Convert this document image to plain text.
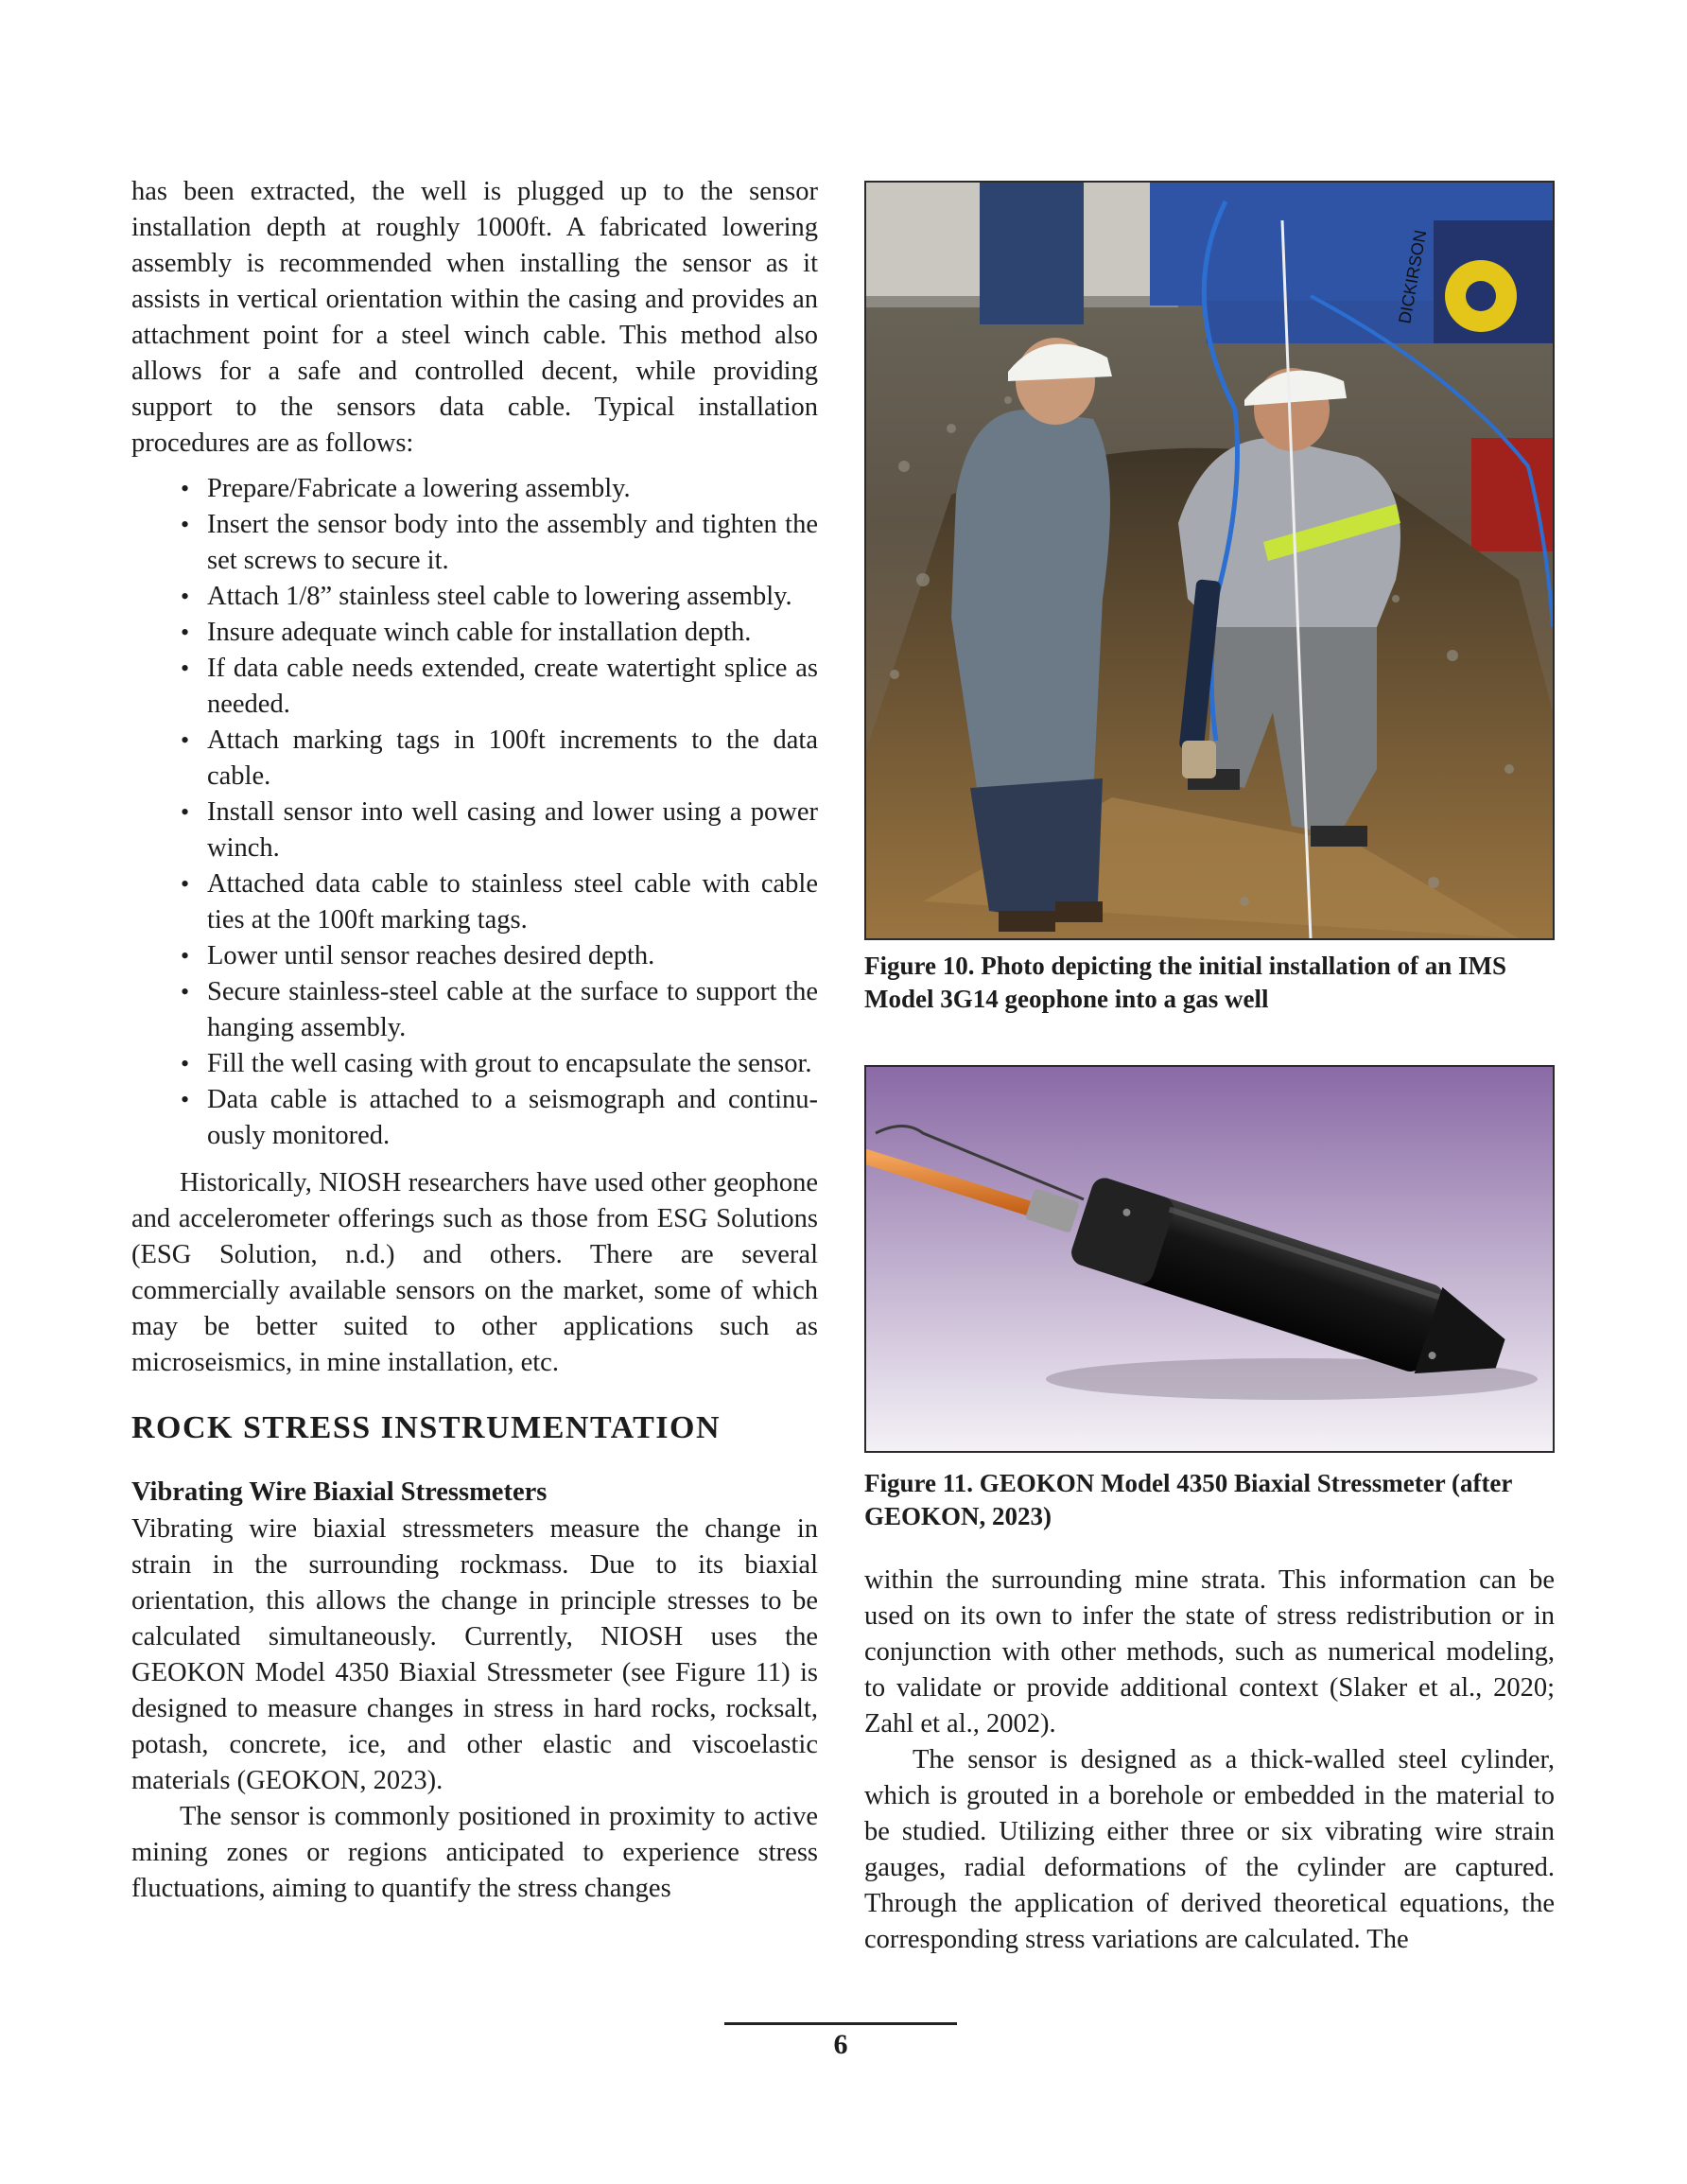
has been extracted, the well is plugged up to the sensor installation depth at roughly 1000ft. A fabricated lowering assembly is recommended when installing the sensor as it assists in vertical orientation within the casing and provides an attachment point for a steel winch cable. This method also allows for a safe and controlled decent, while providing support to the sensors data cable. Typical installation procedures are as follows:

• Prepare/Fabricate a lowering assembly.
• Insert the sensor body into the assembly and tighten the set screws to secure it.
• Attach 1/8” stainless steel cable to lowering assembly.
• Insure adequate winch cable for installation depth.
• If data cable needs extended, create watertight splice as needed.
• Attach marking tags in 100ft increments to the data cable.
• Install sensor into well casing and lower using a power winch.
• Attached data cable to stainless steel cable with cable ties at the 100ft marking tags.
• Lower until sensor reaches desired depth.
• Secure stainless-steel cable at the surface to support the hanging assembly.
• Fill the well casing with grout to encapsulate the sensor.
• Data cable is attached to a seismograph and continuously monitored.

Historically, NIOSH researchers have used other geophone and accelerometer offerings such as those from ESG Solutions (ESG Solution, n.d.) and others. There are several commercially available sensors on the market, some of which may be better suited to other applications such as microseismics, in mine installation, etc.

ROCK STRESS INSTRUMENTATION
Vibrating Wire Biaxial Stressmeters

Vibrating wire biaxial stressmeters measure the change in strain in the surrounding rockmass. Due to its biaxial orientation, this allows the change in principle stresses to be calculated simultaneously. Currently, NIOSH uses the GEOKON Model 4350 Biaxial Stressmeter (see Figure 11) is designed to measure changes in stress in hard rocks, rocksalt, potash, concrete, ice, and other elastic and viscoelastic materials (GEOKON, 2023).

The sensor is commonly positioned in proximity to active mining zones or regions anticipated to experience stress fluctuations, aiming to quantify the stress changes

DICKIRSON

Figure 10. Photo depicting the initial installation of an IMS Model 3G14 geophone into a gas well

Figure 11. GEOKON Model 4350 Biaxial Stressmeter (after GEOKON, 2023)

within the surrounding mine strata. This information can be used on its own to infer the state of stress redistribution or in conjunction with other methods, such as numerical modeling, to validate or provide additional context (Slaker et al., 2020; Zahl et al., 2002).

The sensor is designed as a thick-walled steel cylinder, which is grouted in a borehole or embedded in the material to be studied. Utilizing either three or six vibrating wire strain gauges, radial deformations of the cylinder are captured. Through the application of derived theoretical equations, the corresponding stress variations are calculated. The

6
